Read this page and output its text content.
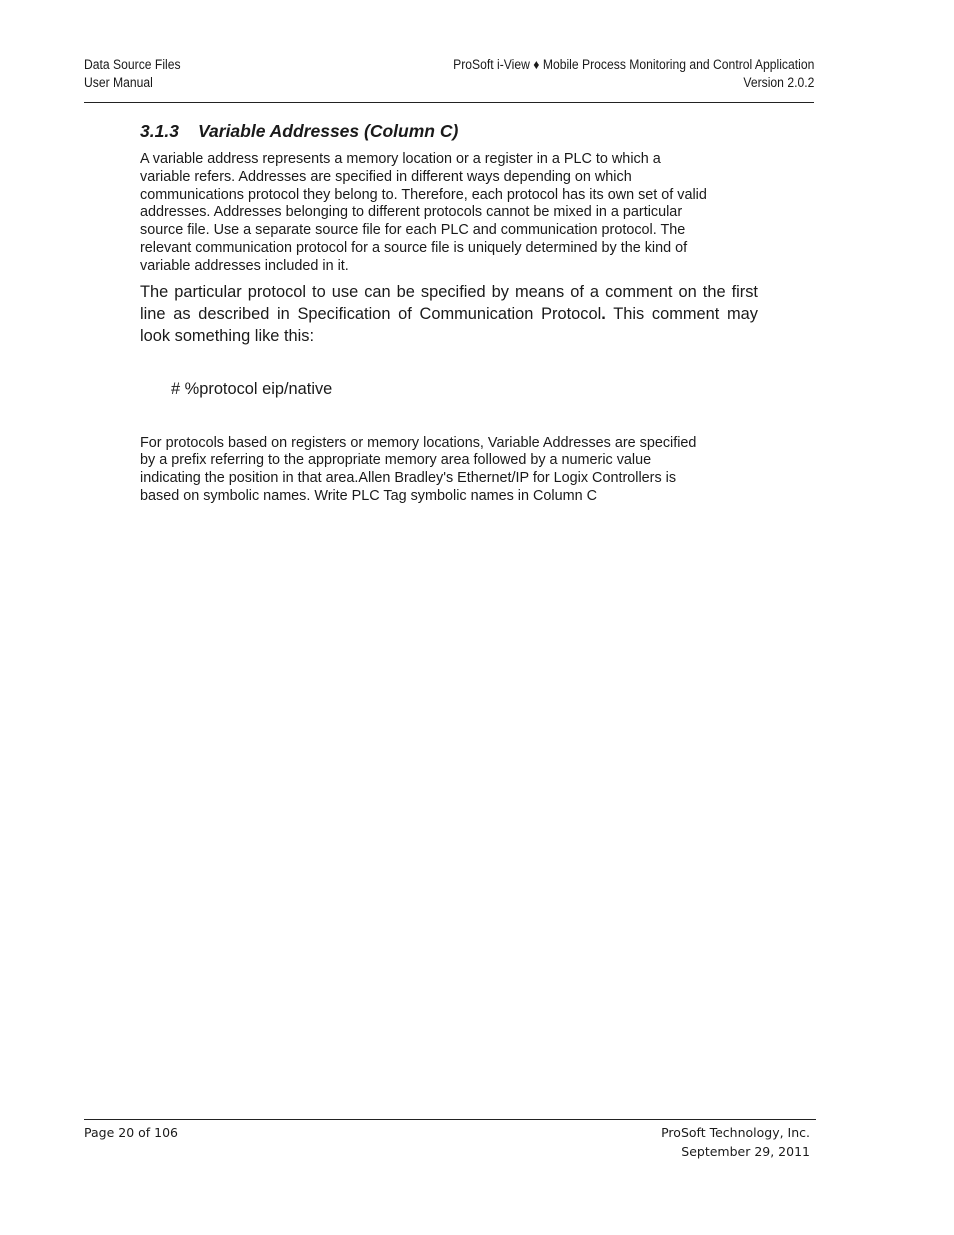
Data Source Files
User Manual
ProSoft i-View ♦ Mobile Process Monitoring and Control Application
Version 2.0.2
3.1.3 Variable Addresses (Column C)

A variable address represents a memory location or a register in a PLC to which a
variable refers. Addresses are specified in different ways depending on which
communications protocol they belong to. Therefore, each protocol has its own set of valid
addresses. Addresses belonging to different protocols cannot be mixed in a particular
source file. Use a separate source file for each PLC and communication protocol. The
relevant communication protocol for a source file is uniquely determined by the kind of
variable addresses included in it.

The particular protocol to use can be specified by means of a comment on the first line as described in Specification of Communication Protocol. This comment may look something like this:

# %protocol eip/native

For protocols based on registers or memory locations, Variable Addresses are specified
by a prefix referring to the appropriate memory area followed by a numeric value
indicating the position in that area.Allen Bradley's Ethernet/IP for Logix Controllers is
based on symbolic names. Write PLC Tag symbolic names in Column C

Page 20 of 106	ProSoft Technology, Inc.
September 29, 2011
